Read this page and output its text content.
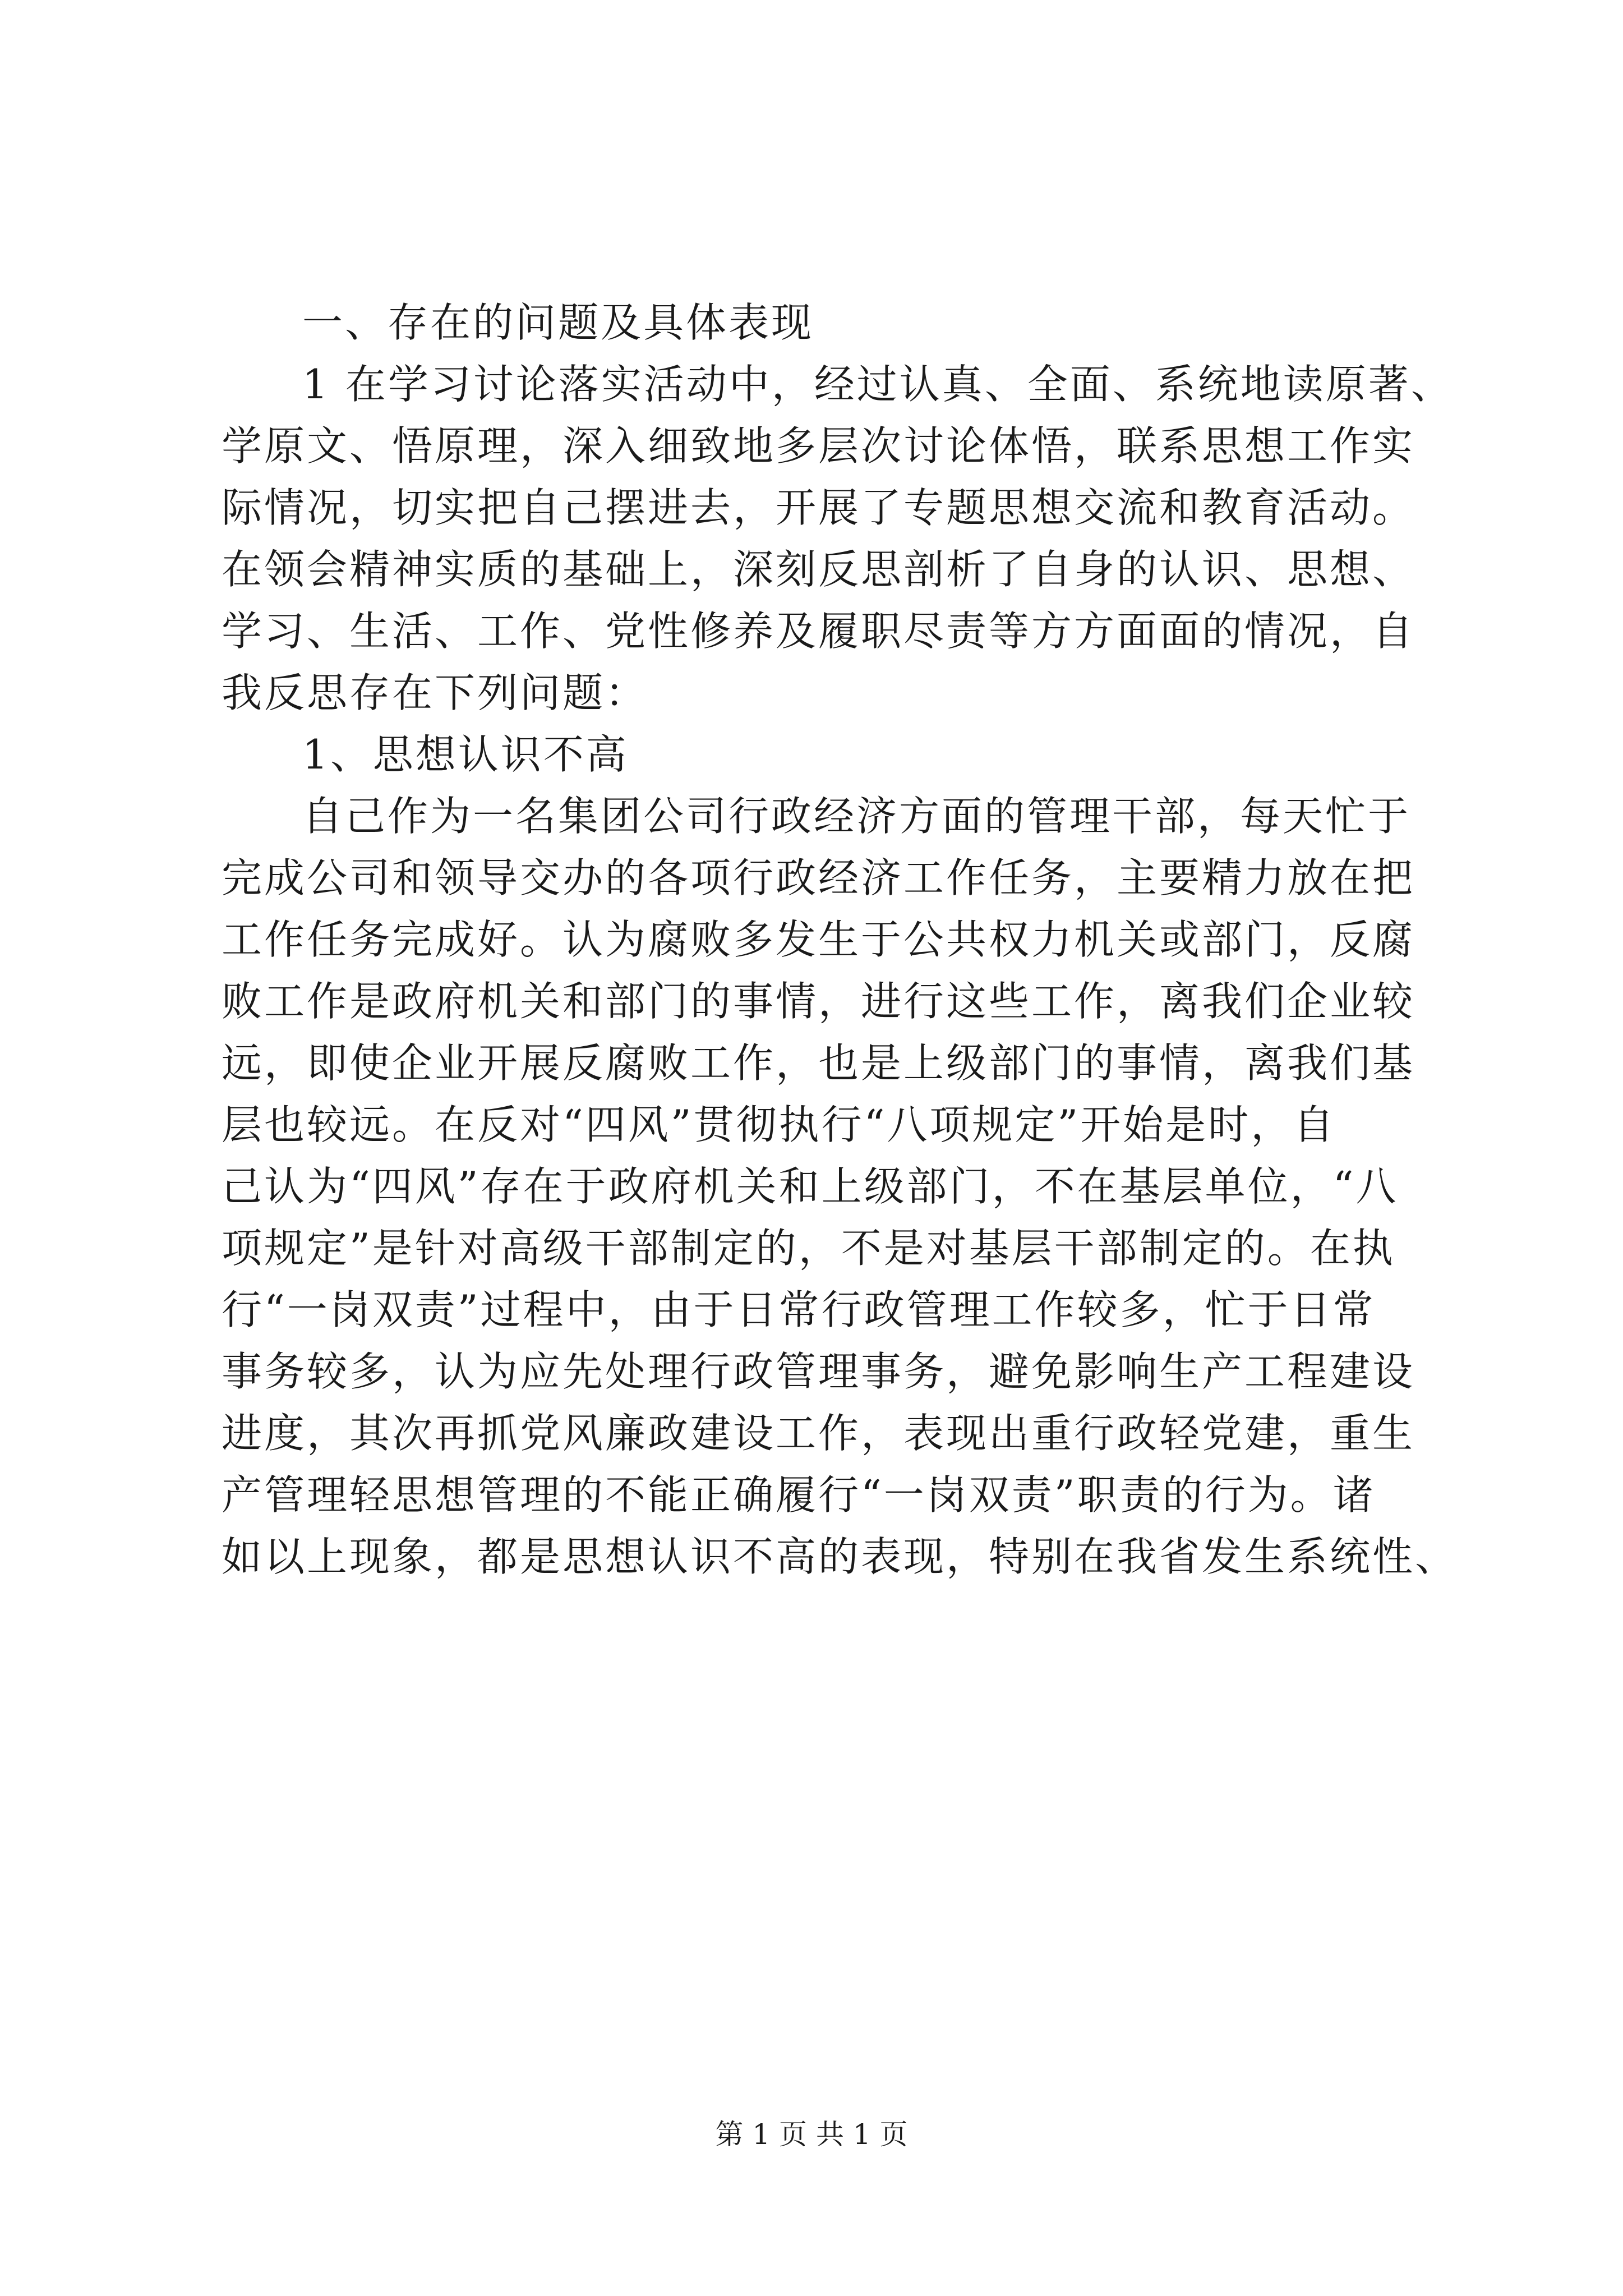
一、存在的问题及具体表现
1 在学习讨论落实活动中，经过认真、全面、系统地读原著、
学原文、悟原理，深入细致地多层次讨论体悟，联系思想工作实
际情况，切实把自己摆进去，开展了专题思想交流和教育活动。
在领会精神实质的基础上，深刻反思剖析了自身的认识、思想、
学习、生活、工作、党性修养及履职尽责等方方面面的情况，自
我反思存在下列问题：
1、思想认识不高
自己作为一名集团公司行政经济方面的管理干部，每天忙于
完成公司和领导交办的各项行政经济工作任务，主要精力放在把
工作任务完成好。认为腐败多发生于公共权力机关或部门，反腐
败工作是政府机关和部门的事情，进行这些工作，离我们企业较
远，即使企业开展反腐败工作，也是上级部门的事情，离我们基
层也较远。在反对“四风”贯彻执行“八项规定”开始是时，自
己认为“四风”存在于政府机关和上级部门，不在基层单位，“八
项规定”是针对高级干部制定的，不是对基层干部制定的。在执
行“一岗双责”过程中，由于日常行政管理工作较多，忙于日常
事务较多，认为应先处理行政管理事务，避免影响生产工程建设
进度，其次再抓党风廉政建设工作，表现出重行政轻党建，重生
产管理轻思想管理的不能正确履行“一岗双责”职责的行为。诸
如以上现象，都是思想认识不高的表现，特别在我省发生系统性、
第 1 页 共 1 页
